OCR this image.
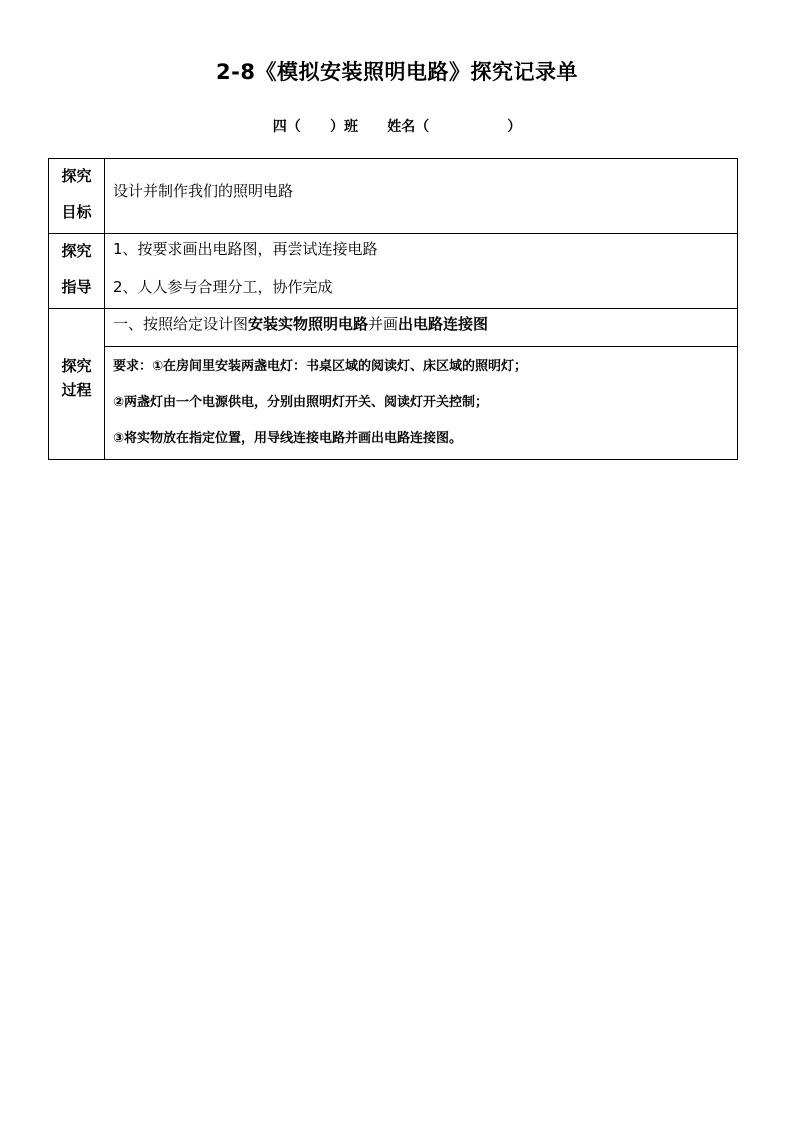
2-8《模拟安装照明电路》探究记录单
四（ ）班 姓名（	）
探究
目标
设计并制作我们的照明电路
探究
指导
1、按要求画出电路图，再尝试连接电路
2、人人参与合理分工，协作完成
探究
过程
一、按照给定设计图安装实物照明电路并画出电路连接图
要求：①在房间里安装两盏电灯：书桌区域的阅读灯、床区域的照明灯；
②两盏灯由一个电源供电，分别由照明灯开关、阅读灯开关控制；
③将实物放在指定位置，用导线连接电路并画出电路连接图。
